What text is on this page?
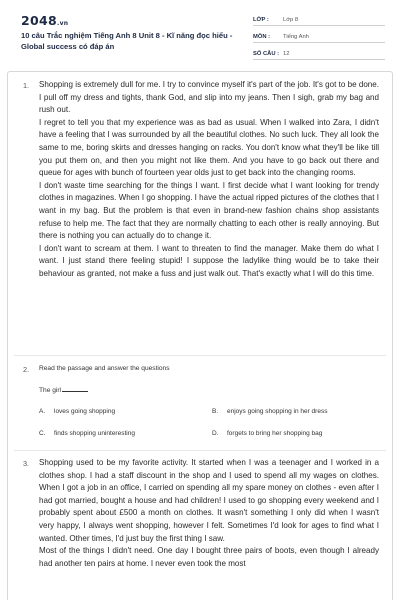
2048.vn
10 câu Trắc nghiệm Tiếng Anh 8 Unit 8 - Kĩ năng đọc hiểu - Global success có đáp án
LỚP :	Lớp 8
MÔN :	Tiếng Anh
SỐ CÂU : 12
1. Shopping is extremely dull for me. I try to convince myself it's part of the job. It's got to be done. I pull off my dress and tights, thank God, and slip into my jeans. Then I sigh, grab my bag and rush out.

I regret to tell you that my experience was as bad as usual. When I walked into Zara, I didn't have a feeling that I was surrounded by all the beautiful clothes. No such luck. They all look the same to me, boring skirts and dresses hanging on racks. You don't know what they'll be like till you put them on, and then you might not like them. And you have to go back out there and queue for ages with bunch of fourteen year olds just to get back into the changing rooms.

I don't waste time searching for the things I want. I first decide what I want looking for trendy clothes in magazines. When I go shopping. I have the actual ripped pictures of the clothes that I want in my bag. But the problem is that even in brand-new fashion chains shop assistants refuse to help me. The fact that they are normally chatting to each other is really annoying. But there is nothing you can actually do to change it.

I don't want to scream at them. I want to threaten to find the manager. Make them do what I want. I just stand there feeling stupid! I suppose the ladylike thing would be to take their behaviour as granted, not make a fuss and just walk out. That's exactly what I will do this time.

2. Read the passage and answer the questions
The girl
A. loves going shopping	B. enjoys going shopping in her dress
C. finds shopping uninteresting	D. forgets to bring her shopping bag
3. Shopping used to be my favorite activity. It started when I was a teenager and I worked in a clothes shop. I had a staff discount in the shop and I used to spend all my wages on clothes. When I got a job in an office, I carried on spending all my spare money on clothes - even after I had got married, bought a house and had children! I used to go shopping every weekend and I probably spent about £500 a month on clothes. It wasn't something I only did when I wasn't very happy, I always went shopping, however I felt. Sometimes I'd look for ages to find what I wanted. Other times, I'd just buy the first thing I saw.

Most of the things I didn't need. One day I bought three pairs of boots, even though I already had another ten pairs at home. I never even took the most
